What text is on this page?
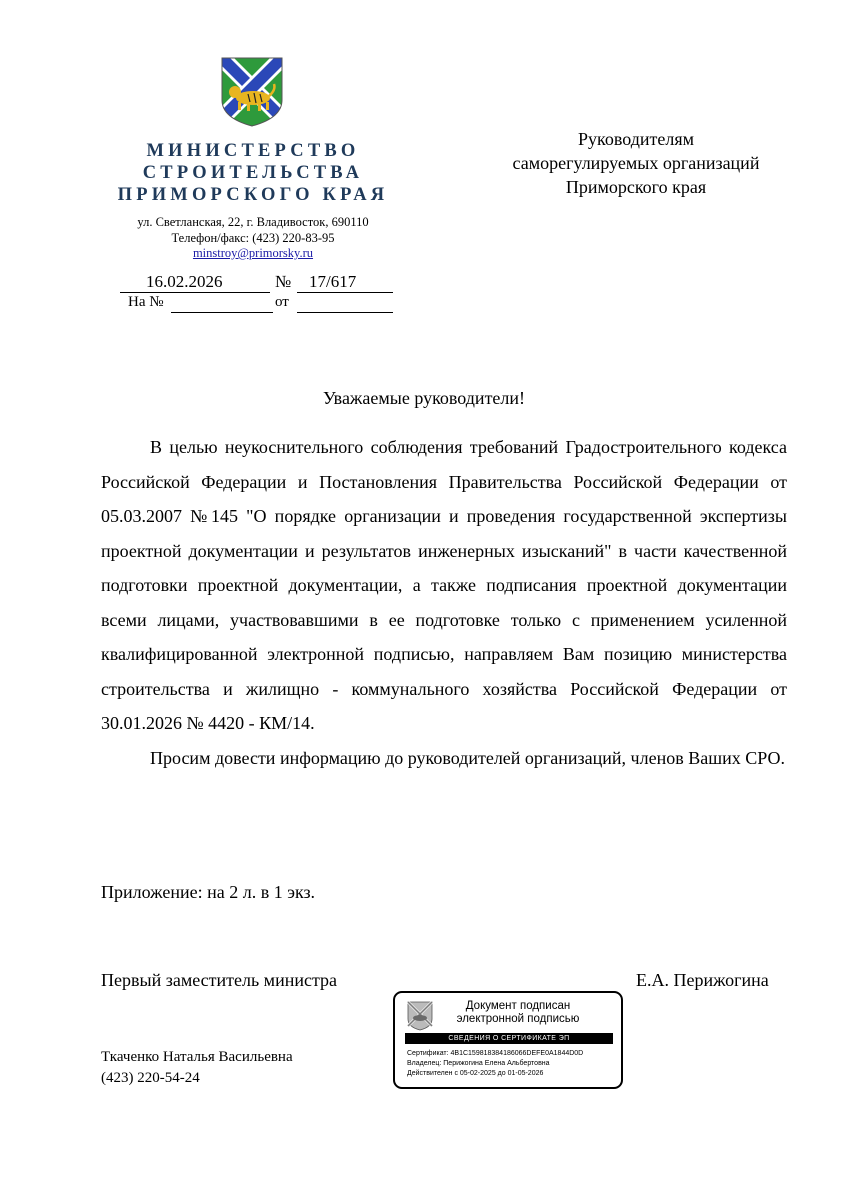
МИНИСТЕРСТВО
СТРОИТЕЛЬСТВА
ПРИМОРСКОГО КРАЯ
ул. Светланская, 22, г. Владивосток, 690110
Телефон/факс: (423) 220-83-95
minstroy@primorsky.ru
16.02.2026	№ 17/617
На №	от
Руководителям
саморегулируемых организаций
Приморского края
Уважаемые руководители!

В целью неукоснительного соблюдения требований Градостроительного кодекса Российской Федерации и Постановления Правительства Российской Федерации от 05.03.2007 №145 "О порядке организации и проведения государственной экспертизы проектной документации и результатов инженерных изысканий" в части качественной подготовки проектной документации, а также подписания проектной документации всеми лицами, участвовавшими в ее подготовке только с применением усиленной квалифицированной электронной подписью, направляем Вам позицию министерства строительства и жилищно - коммунального хозяйства Российской Федерации от 30.01.2026 № 4420 - КМ/14.

Просим довести информацию до руководителей организаций, членов Ваших СРО.

Приложение: на 2 л. в 1 экз.
Первый заместитель министра	Е.А. Перижогина
Документ подписан
электронной подписью
СВЕДЕНИЯ О СЕРТИФИКАТЕ ЭП
Сертификат: 4B1C159818384186066DEFE0A1844D0D
Владелец: Перижогина Елена Альбертовна
Действителен с 05-02-2025 до 01-05-2026
Ткаченко Наталья Васильевна
(423) 220-54-24
